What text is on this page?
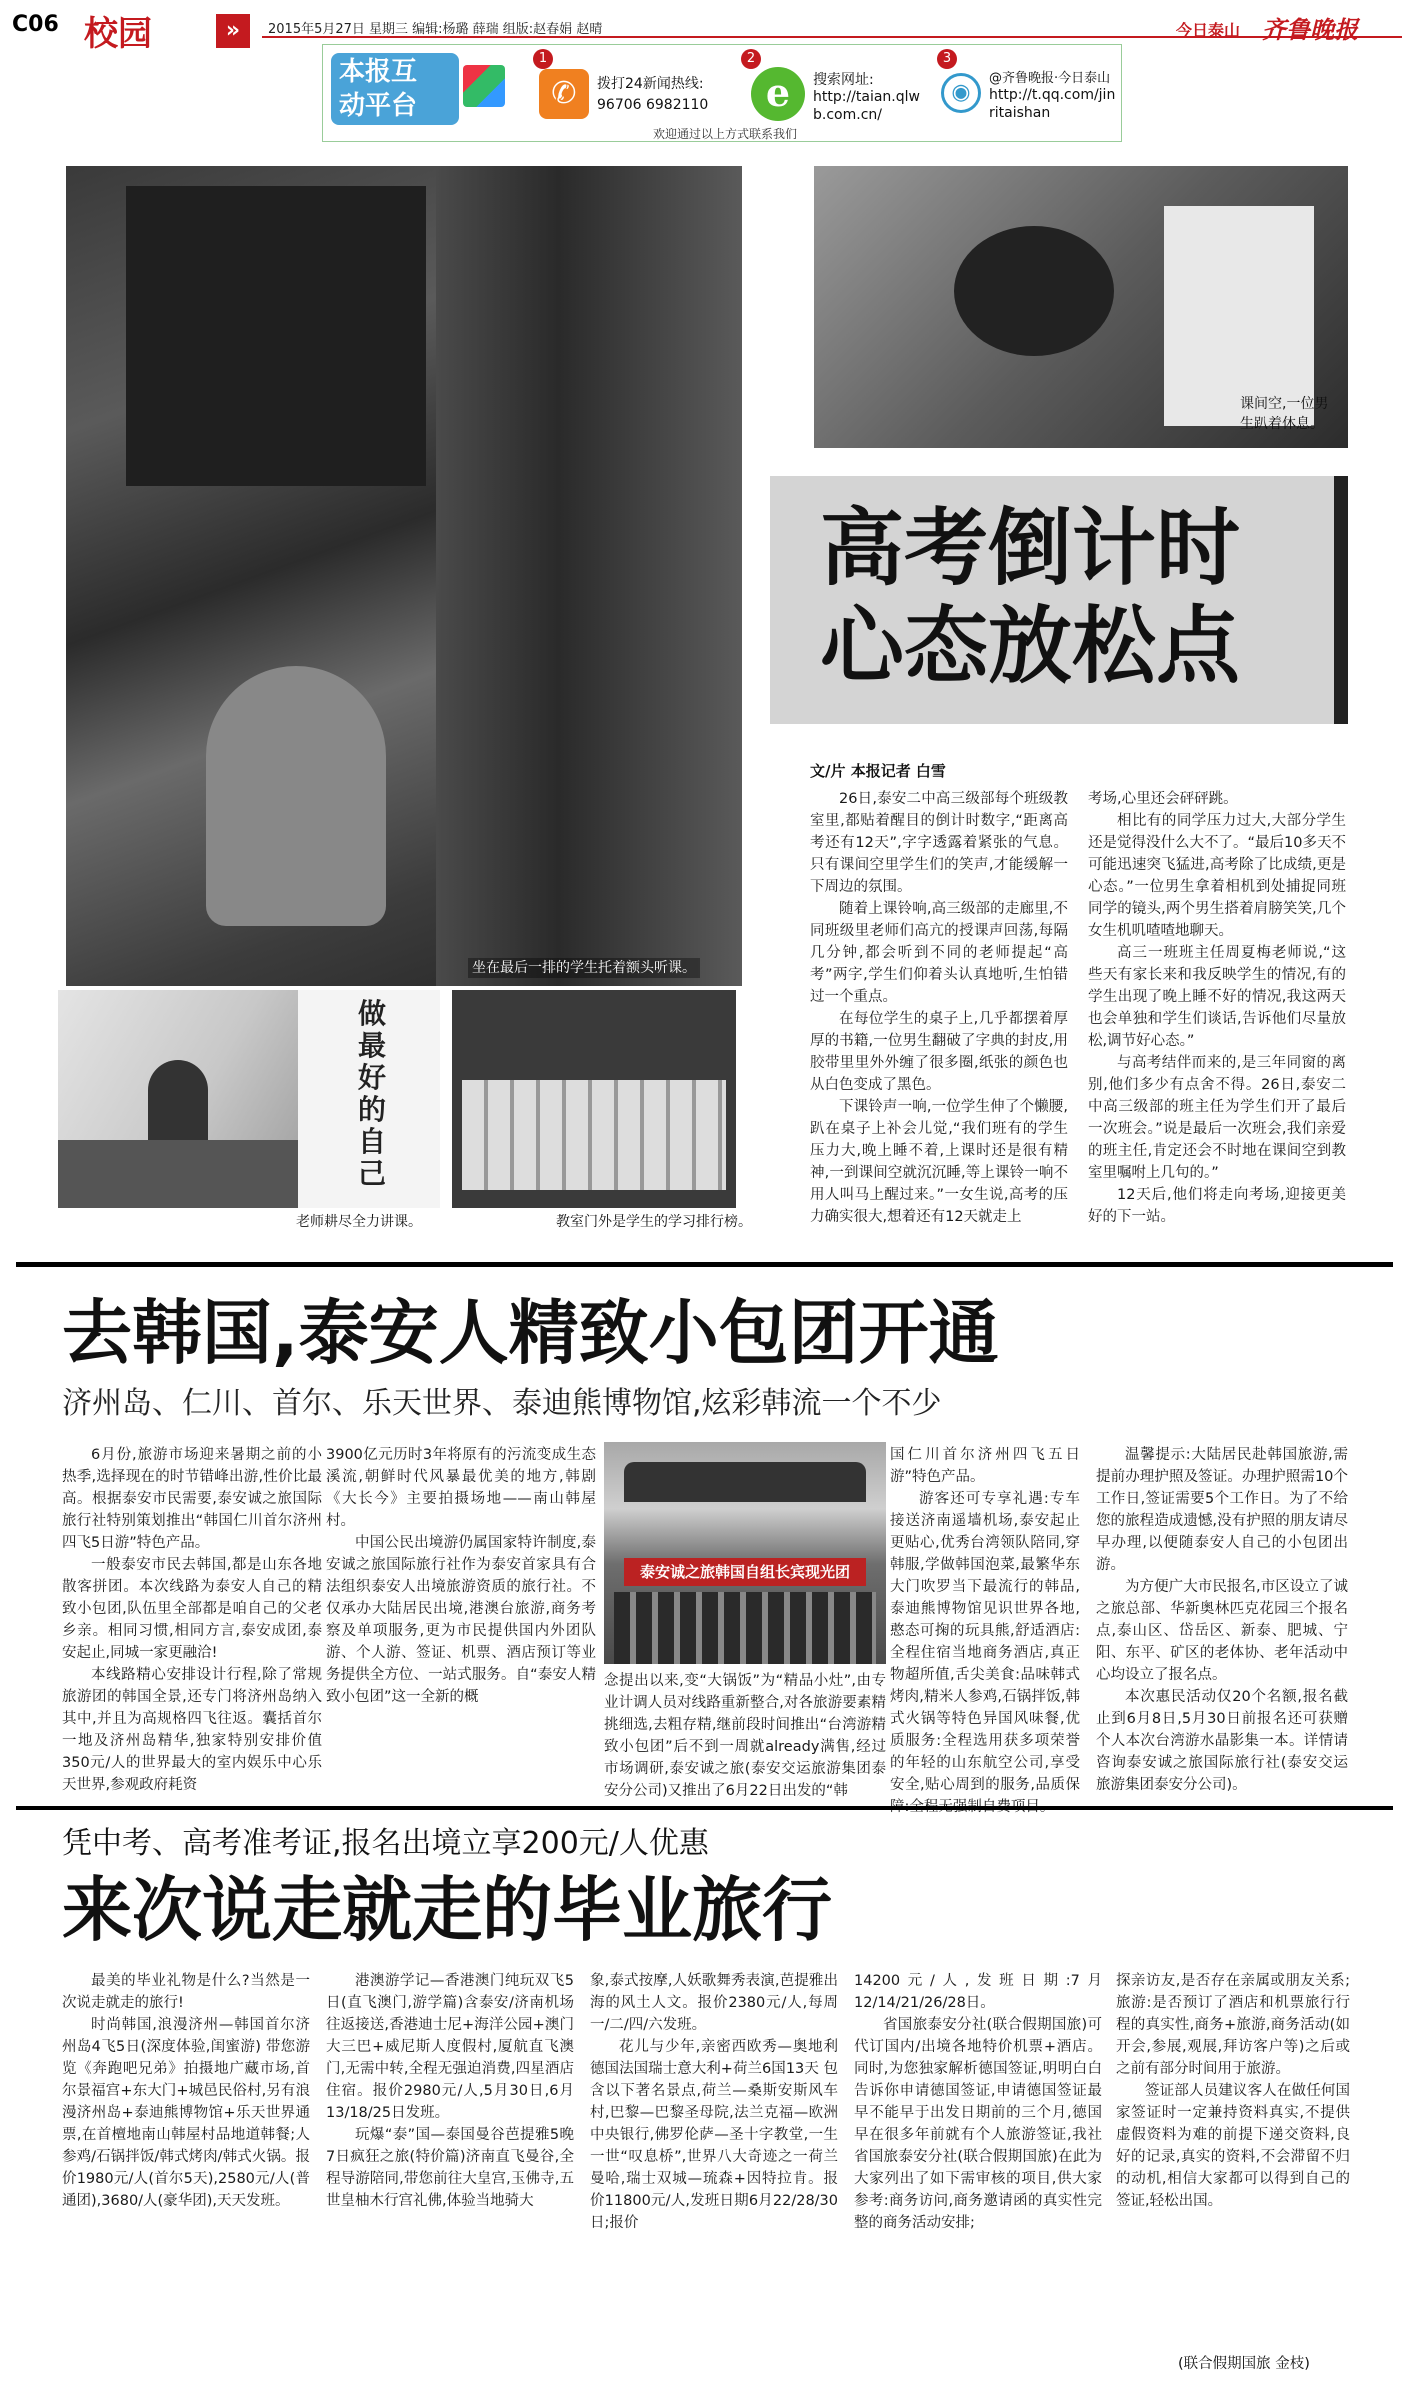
C06 校园	»	2015年5月27日 星期三 编辑:杨璐 薛瑞 组版:赵春娟 赵晴	今日泰山 齐鲁晚报
本报互
动平台
1
✆	拨打24新闻热线:
96706 6982110
2
e	搜索网址:
http://taian.qlw
b.com.cn/
3
◉
@齐鲁晚报·今日泰山
http://t.qq.com/jin
ritaishan
欢迎通过以上方式联系我们
坐在最后一排的学生托着额头听课。
课间空,一位男生趴着休息。
高考倒计时
心态放松点
文/片 本报记者 白雪
做最好的自己
老师耕尽全力讲课。	教室门外是学生的学习排行榜。

26日,泰安二中高三级部每个班级教室里,都贴着醒目的倒计时数字,“距离高考还有12天”,字字透露着紧张的气息。只有课间空里学生们的笑声,才能缓解一下周边的氛围。

随着上课铃响,高三级部的走廊里,不同班级里老师们高亢的授课声回荡,每隔几分钟,都会听到不同的老师提起“高考”两字,学生们仰着头认真地听,生怕错过一个重点。

在每位学生的桌子上,几乎都摆着厚厚的书籍,一位男生翻破了字典的封皮,用胶带里里外外缠了很多圈,纸张的颜色也从白色变成了黑色。

下课铃声一响,一位学生伸了个懒腰,趴在桌子上补会儿觉,“我们班有的学生压力大,晚上睡不着,上课时还是很有精神,一到课间空就沉沉睡,等上课铃一响不用人叫马上醒过来。”一女生说,高考的压力确实很大,想着还有12天就走上

考场,心里还会砰砰跳。

相比有的同学压力过大,大部分学生还是觉得没什么大不了。“最后10多天不可能迅速突飞猛进,高考除了比成绩,更是心态。”一位男生拿着相机到处捕捉同班同学的镜头,两个男生搭着肩膀笑笑,几个女生机叽喳喳地聊天。

高三一班班主任周夏梅老师说,“这些天有家长来和我反映学生的情况,有的学生出现了晚上睡不好的情况,我这两天也会单独和学生们谈话,告诉他们尽量放松,调节好心态。”

与高考结伴而来的,是三年同窗的离别,他们多少有点舍不得。26日,泰安二中高三级部的班主任为学生们开了最后一次班会。”说是最后一次班会,我们亲爱的班主任,肯定还会不时地在课间空到教室里嘱咐上几句的。”

12天后,他们将走向考场,迎接更美好的下一站。

去韩国,泰安人精致小包团开通
济州岛、仁川、首尔、乐天世界、泰迪熊博物馆,炫彩韩流一个不少

6月份,旅游市场迎来暑期之前的小热季,选择现在的时节错峰出游,性价比最高。根据泰安市民需要,泰安诚之旅国际旅行社特别策划推出“韩国仁川首尔济州四飞5日游”特色产品。

一般泰安市民去韩国,都是山东各地散客拼团。本次线路为泰安人自己的精致小包团,队伍里全部都是咱自己的父老乡亲。相同习惯,相同方言,泰安成团,泰安起止,同城一家更融洽!

本线路精心安排设计行程,除了常规旅游团的韩国全景,还专门将济州岛纳入其中,并且为高规格四飞往返。囊括首尔一地及济州岛精华,独家特别安排价值350元/人的世界最大的室内娱乐中心乐天世界,参观政府耗资

3900亿元历时3年将原有的污流变成生态溪流,朝鲜时代风暴最优美的地方,韩剧《大长今》主要拍摄场地——南山韩屋村。

中国公民出境游仍属国家特许制度,泰安诚之旅国际旅行社作为泰安首家具有合法组织泰安人出境旅游资质的旅行社。不仅承办大陆居民出境,港澳台旅游,商务考察及单项服务,更为市民提供国内外团队游、个人游、签证、机票、酒店预订等业务提供全方位、一站式服务。自“泰安人精致小包团”这一全新的概

泰安诚之旅韩国自组长宾现光团

念提出以来,变“大锅饭”为“精品小灶”,由专业计调人员对线路重新整合,对各旅游要素精挑细选,去粗存精,继前段时间推出“台湾游精致小包团”后不到一周就already满售,经过市场调研,泰安诚之旅(泰安交运旅游集团泰安分公司)又推出了6月22日出发的“韩

国仁川首尔济州四飞五日游”特色产品。

游客还可专享礼遇:专车接送济南遥墙机场,泰安起止更贴心,优秀台湾领队陪同,穿韩服,学做韩国泡菜,最繁华东大门吹罗当下最流行的韩品,泰迪熊博物馆见识世界各地,憨态可掬的玩具熊,舒适酒店:全程住宿当地商务酒店,真正物超所值,舌尖美食:品味韩式烤肉,精米人参鸡,石锅拌饭,韩式火锅等特色异国风味餐,优质服务:全程选用获多项荣誉的年轻的山东航空公司,享受安全,贴心周到的服务,品质保

温馨提示:大陆居民赴韩国旅游,需提前办理护照及签证。办理护照需10个工作日,签证需要5个工作日。为了不给您的旅程造成遗憾,没有护照的朋友请尽早办理,以便随泰安人自己的小包团出游。

为方便广大市民报名,市区设立了诚之旅总部、华新奥林匹克花园三个报名点,泰山区、岱岳区、新泰、肥城、宁阳、东平、矿区的老体协、老年活动中心均设立了报名点。

本次惠民活动仅20个名额,报名截止到6月8日,5月30日前报名还可获赠个人本次台湾游水晶影集一本。详情请咨询泰安诚之旅国际旅行社(泰安交运旅游集团泰安分公司)。

凭中考、高考准考证,报名出境立享200元/人优惠
来次说走就走的毕业旅行

最美的毕业礼物是什么?当然是一次说走就走的旅行!

时尚韩国,浪漫济州—韩国首尔济州岛4飞5日(深度体验,闺蜜游) 带您游览《奔跑吧兄弟》拍摄地广藏市场,首尔景福宫+东大门+城邑民俗村,另有浪漫济州岛+泰迪熊博物馆+乐天世界通票,在首檀地南山韩屋村品地道韩餐;人参鸡/石锅拌饭/韩式烤肉/韩式火锅。报价1980元/人(首尔5天),2580元/人(普通团),3680/人(豪华团),天天发班。

港澳游学记—香港澳门纯玩双飞5日(直飞澳门,游学篇)含泰安/济南机场往返接送,香港迪士尼+海洋公园+澳门大三巴+威尼斯人度假村,厦航直飞澳门,无需中转,全程无强迫消费,四星酒店住宿。报价2980元/人,5月30日,6月13/18/25日发班。

玩爆“泰”国—泰国曼谷芭提雅5晚7日疯狂之旅(特价篇)济南直飞曼谷,全程导游陪同,带您前往大皇宫,玉佛寺,五世皇柚木行宫礼佛,体验当地骑大

象,泰式按摩,人妖歌舞秀表演,芭提雅出海的风土人文。报价2380元/人,每周一/二/四/六发班。

花儿与少年,亲密西欧秀—奥地利德国法国瑞士意大利+荷兰6国13天 包含以下著名景点,荷兰—桑斯安斯风车村,巴黎—巴黎圣母院,法兰克福—欧洲中央银行,佛罗伦萨—圣十字教堂,一生一世“叹息桥”,世界八大奇迹之一荷兰曼哈,瑞士双城—琉森+因特拉肯。报价11800元/人,发班日期6月22/28/30日;报价

14200元/人,发班日期:7月12/14/21/26/28日。

省国旅泰安分社(联合假期国旅)可代订国内/出境各地特价机票+酒店。同时,为您独家解析德国签证,明明白白告诉你申请德国签证,申请德国签证最早不能早于出发日期前的三个月,德国早在很多年前就有个人旅游签证,我社省国旅泰安分社(联合假期国旅)在此为大家列出了如下需审核的项目,供大家参考:商务访问,商务邀请函的真实性完整的商务活动安排;

探亲访友,是否存在亲属或朋友关系;旅游:是否预订了酒店和机票旅行行程的真实性,商务+旅游,商务活动(如开会,参展,观展,拜访客户等)之后或之前有部分时间用于旅游。

签证部人员建议客人在做任何国家签证时一定兼持资料真实,不提供虚假资料为难的前提下递交资料,良好的记录,真实的资料,不会滞留不归的动机,相信大家都可以得到自己的签证,轻松出国。

(联合假期国旅 金枝)
